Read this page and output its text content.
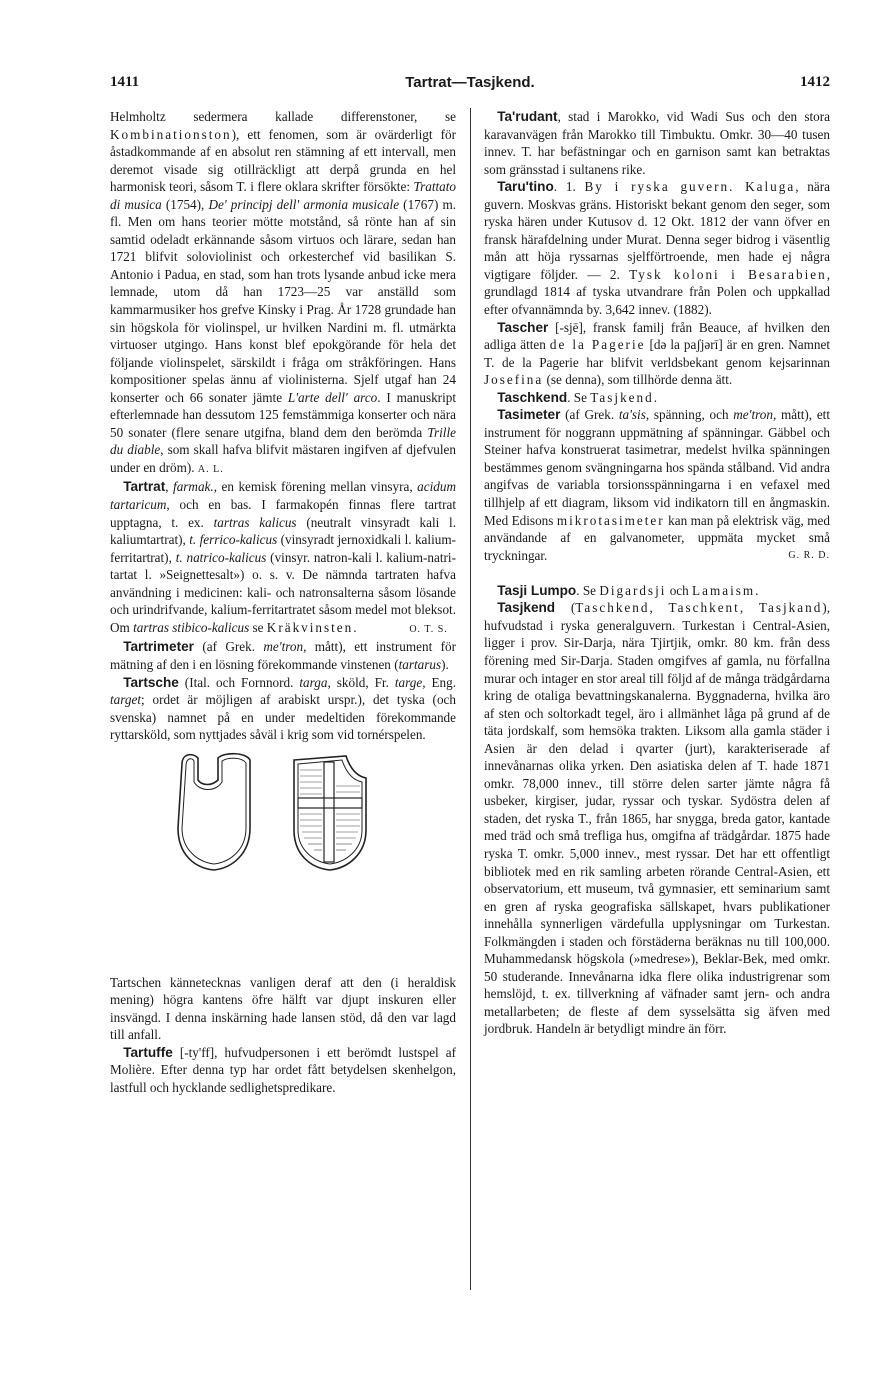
1411	Tartrat—Tasjkend.	1412

Helmholtz sedermera kallade differenstoner, se Kombinationston), ett fenomen, som är ovärderligt för åstadkommande af en absolut ren stämning af ett intervall, men deremot visade sig otillräckligt att derpå grunda en hel harmonisk teori, såsom T. i flere oklara skrifter försökte: Trattato di musica (1754), De' principj dell' armonia musicale (1767) m. fl. Men om hans teorier mötte motstånd, så rönte han af sin samtid odeladt erkännande såsom virtuos och lärare, sedan han 1721 blifvit soloviolinist och orkesterchef vid basilikan S. Antonio i Padua, en stad, som han trots lysande anbud icke mera lemnade, utom då han 1723—25 var anställd som kammarmusiker hos grefve Kinsky i Prag. År 1728 grundade han sin högskola för violinspel, ur hvilken Nardini m. fl. utmärkta virtuoser utgingo. Hans konst blef epokgörande för hela det följande violinspelet, särskildt i fråga om stråkföringen. Hans kompositioner spelas ännu af violinisterna. Sjelf utgaf han 24 konserter och 66 sonater jämte L'arte dell' arco. I manuskript efterlemnade han dessutom 125 femstämmiga konserter och nära 50 sonater (flere senare utgifna, bland dem den berömda Trille du diable, som skall hafva blifvit mästaren ingifven af djefvulen under en dröm). A. L.

 Tartrat, farmak., en kemisk förening mellan vinsyra, acidum tartaricum, och en bas. I farmakopén finnas flere tartrat upptagna, t. ex. tartras kalicus (neutralt vinsyradt kali l. kaliumtartrat), t. ferrico-kalicus (vinsyradt jernoxidkali l. kalium-ferritartrat), t. natrico-kalicus (vinsyr. natron-kali l. kalium-natri-tartat l. »Seignettesalt») o. s. v. De nämnda tartraten hafva användning i medicinen: kali- och natronsalterna såsom lösande och urindrifvande, kalium-ferritartratet såsom medel mot bleksot. Om tartras stibico-kalicus se Kräkvinsten.    	O. T. S.

 Tartrimeter (af Grek. me'tron, mått), ett instrument för mätning af den i en lösning förekommande vinstenen (tartarus).

 Tartsche (Ital. och Fornnord. targa, sköld, Fr. targe, Eng. target; ordet är möjligen af arabiskt urspr.), det tyska (och svenska) namnet på en under medeltiden förekommande ryttarsköld, som nyttjades såväl i krig som vid tornérspelen.

Tartschen kännetecknas vanligen deraf att den (i heraldisk mening) högra kantens öfre hälft var djupt inskuren eller insvängd. I denna inskärning hade lansen stöd, då den var lagd till anfall.

 Tartuffe [-ty'ff], hufvudpersonen i ett berömdt lustspel af Molière. Efter denna typ har ordet fått betydelsen skenhelgon, lastfull och hycklande sedlighetspredikare.

 Ta'rudant, stad i Marokko, vid Wadi Sus och den stora karavanvägen från Marokko till Timbuktu. Omkr. 30—40 tusen innev. T. har befästningar och en garnison samt kan betraktas som gränsstad i sultanens rike.

 Taru'tino. 1. By i ryska guvern. Kaluga, nära guvern. Moskvas gräns. Historiskt bekant genom den seger, som ryska hären under Kutusov d. 12 Okt. 1812 der vann öfver en fransk härafdelning under Murat. Denna seger bidrog i väsentlig mån att höja ryssarnas sjelfförtroende, men hade ej några vigtigare följder. — 2. Tysk koloni i Besarabien, grundlagd 1814 af tyska utvandrare från Polen och uppkallad efter ofvannämnda by. 3,642 innev. (1882).

 Tascher [-sjē], fransk familj från Beauce, af hvilken den adliga ätten de la Pagerie [də la paʃjərī] är en gren. Namnet T. de la Pagerie har blifvit verldsbekant genom kejsarinnan Josefina (se denna), som tillhörde denna ätt.

 Taschkend. Se Tasjkend.

 Tasimeter (af Grek. ta'sis, spänning, och me'tron, mått), ett instrument för noggrann uppmätning af spänningar. Gäbbel och Steiner hafva konstruerat tasimetrar, medelst hvilka spänningen bestämmes genom svängningarna hos spända stålband. Vid andra angifvas de variabla torsionsspänningarna i en vefaxel med tillhjelp af ett diagram, liksom vid indikatorn till en ångmaskin. Med Edisons mikrotasimeter kan man på elektrisk väg, med användande af en galvanometer, uppmäta mycket små tryckningar.	G. R. D.

 Tasji Lumpo. Se Digardsji och Lamaism.

 Tasjkend (Taschkend, Taschkent, Tasjkand), hufvudstad i ryska generalguvern. Turkestan i Central-Asien, ligger i prov. Sir-Darja, nära Tjirtjik, omkr. 80 km. från dess förening med Sir-Darja. Staden omgifves af gamla, nu förfallna murar och intager en stor areal till följd af de många trädgårdarna kring de otaliga bevattningskanalerna. Byggnaderna, hvilka äro af sten och soltorkadt tegel, äro i allmänhet låga på grund af de täta jordskalf, som hemsöka trakten. Liksom alla gamla städer i Asien är den delad i qvarter (jurt), karakteriserade af innevånarnas olika yrken. Den asiatiska delen af T. hade 1871 omkr. 78,000 innev., till större delen sarter jämte några få usbeker, kirgiser, judar, ryssar och tyskar. Sydöstra delen af staden, det ryska T., från 1865, har snygga, breda gator, kantade med träd och små trefliga hus, omgifna af trädgårdar. 1875 hade ryska T. omkr. 5,000 innev., mest ryssar. Det har ett offentligt bibliotek med en rik samling arbeten rörande Central-Asien, ett observatorium, ett museum, två gymnasier, ett seminarium samt en gren af ryska geografiska sällskapet, hvars publikationer innehålla synnerligen värdefulla upplysningar om Turkestan. Folkmängden i staden och förstäderna beräknas nu till 100,000. Muhammedansk högskola (»medrese»), Beklar-Bek, med omkr. 50 studerande. Innevånarna idka flere olika industrigrenar som hemslöjd, t. ex. tillverkning af väfnader samt jern- och andra metallarbeten; de fleste af dem sysselsätta sig äfven med jordbruk. Handeln är betydligt mindre än förr.
